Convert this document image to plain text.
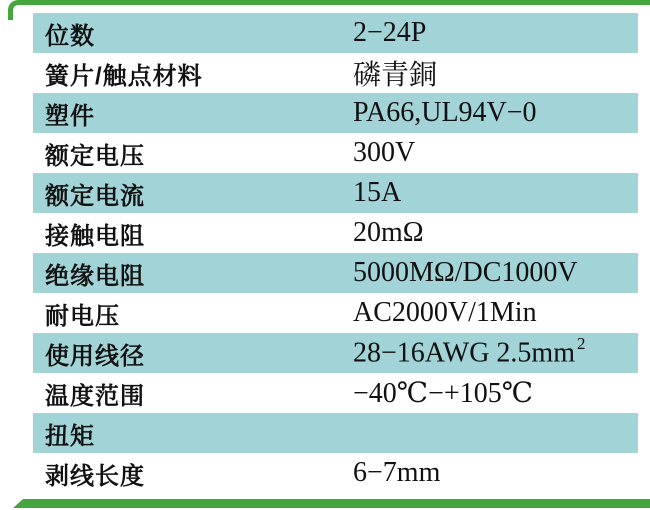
位数	2−24P
簧片/触点材料	磷青銅
塑件	PA66,UL94V−0
额定电压	300V
额定电流	15A
接触电阻	20mΩ
绝缘电阻	5000MΩ/DC1000V
耐电压	AC2000V/1Min
使用线径	28−16AWG 2.5mm $^2$
温度范围	−40℃−+105℃
扭矩
剥线长度	6−7mm
